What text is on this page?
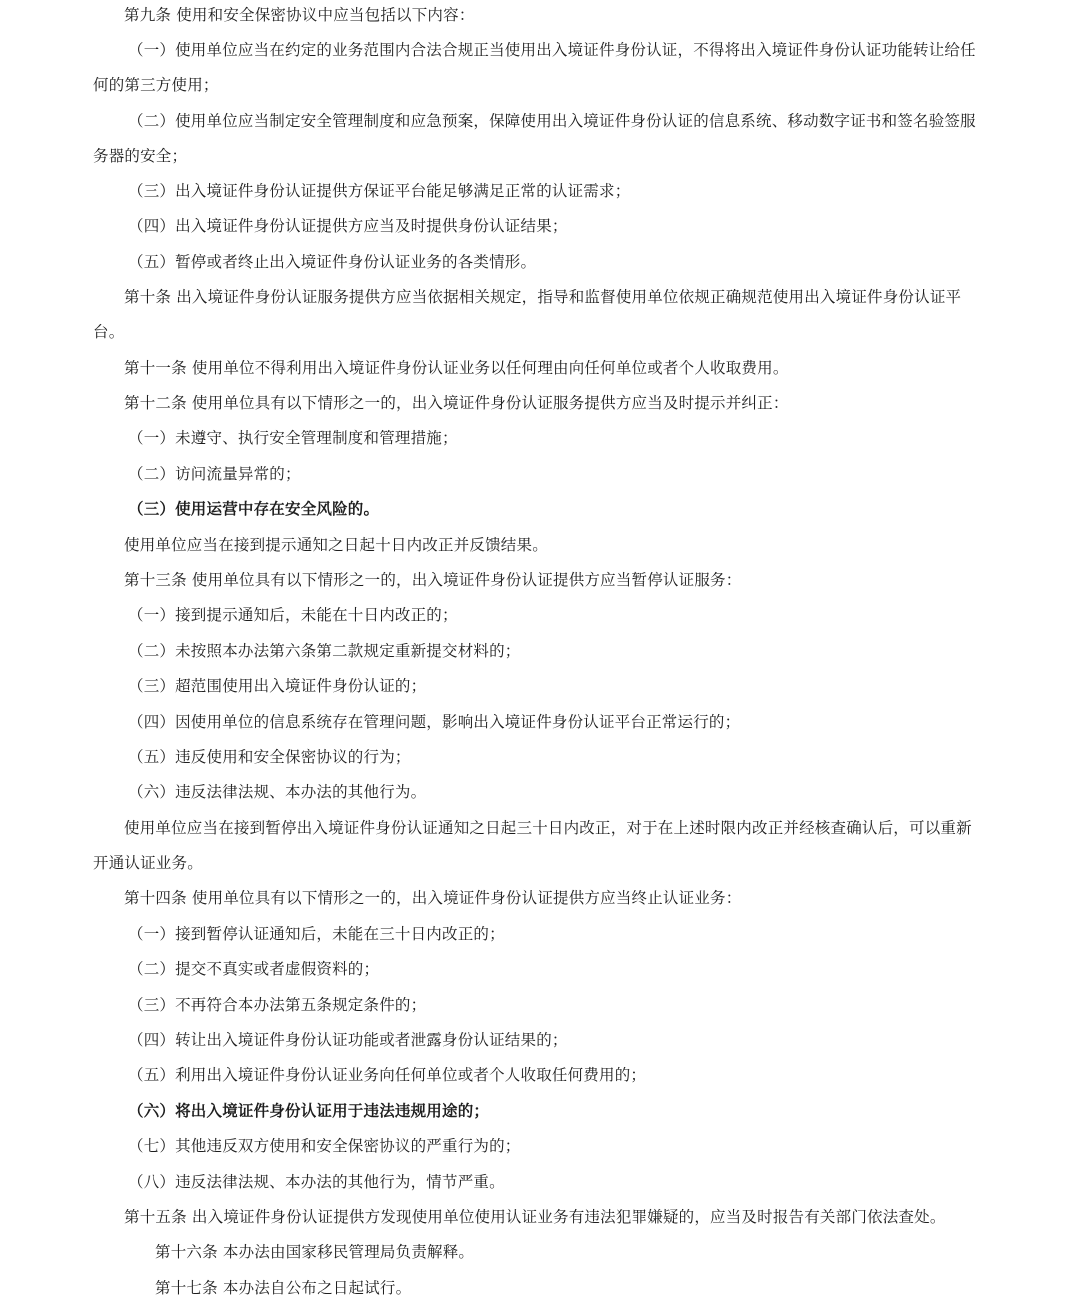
第九条 使用和安全保密协议中应当包括以下内容：
（一）使用单位应当在约定的业务范围内合法合规正当使用出入境证件身份认证，不得将出入境证件身份认证功能转让给任
何的第三方使用；
（二）使用单位应当制定安全管理制度和应急预案，保障使用出入境证件身份认证的信息系统、移动数字证书和签名验签服
务器的安全；
（三）出入境证件身份认证提供方保证平台能足够满足正常的认证需求；
（四）出入境证件身份认证提供方应当及时提供身份认证结果；
（五）暂停或者终止出入境证件身份认证业务的各类情形。
第十条 出入境证件身份认证服务提供方应当依据相关规定，指导和监督使用单位依规正确规范使用出入境证件身份认证平
台。
第十一条 使用单位不得利用出入境证件身份认证业务以任何理由向任何单位或者个人收取费用。
第十二条 使用单位具有以下情形之一的，出入境证件身份认证服务提供方应当及时提示并纠正：
（一）未遵守、执行安全管理制度和管理措施；
（二）访问流量异常的；
（三）使用运营中存在安全风险的。
使用单位应当在接到提示通知之日起十日内改正并反馈结果。
第十三条 使用单位具有以下情形之一的，出入境证件身份认证提供方应当暂停认证服务：
（一）接到提示通知后，未能在十日内改正的；
（二）未按照本办法第六条第二款规定重新提交材料的；
（三）超范围使用出入境证件身份认证的；
（四）因使用单位的信息系统存在管理问题，影响出入境证件身份认证平台正常运行的；
（五）违反使用和安全保密协议的行为；
（六）违反法律法规、本办法的其他行为。
使用单位应当在接到暂停出入境证件身份认证通知之日起三十日内改正，对于在上述时限内改正并经核查确认后，可以重新
开通认证业务。
第十四条 使用单位具有以下情形之一的，出入境证件身份认证提供方应当终止认证业务：
（一）接到暂停认证通知后，未能在三十日内改正的；
（二）提交不真实或者虚假资料的；
（三）不再符合本办法第五条规定条件的；
（四）转让出入境证件身份认证功能或者泄露身份认证结果的；
（五）利用出入境证件身份认证业务向任何单位或者个人收取任何费用的；
（六）将出入境证件身份认证用于违法违规用途的；
（七）其他违反双方使用和安全保密协议的严重行为的；
（八）违反法律法规、本办法的其他行为，情节严重。
第十五条 出入境证件身份认证提供方发现使用单位使用认证业务有违法犯罪嫌疑的，应当及时报告有关部门依法查处。
第十六条 本办法由国家移民管理局负责解释。
第十七条 本办法自公布之日起试行。
